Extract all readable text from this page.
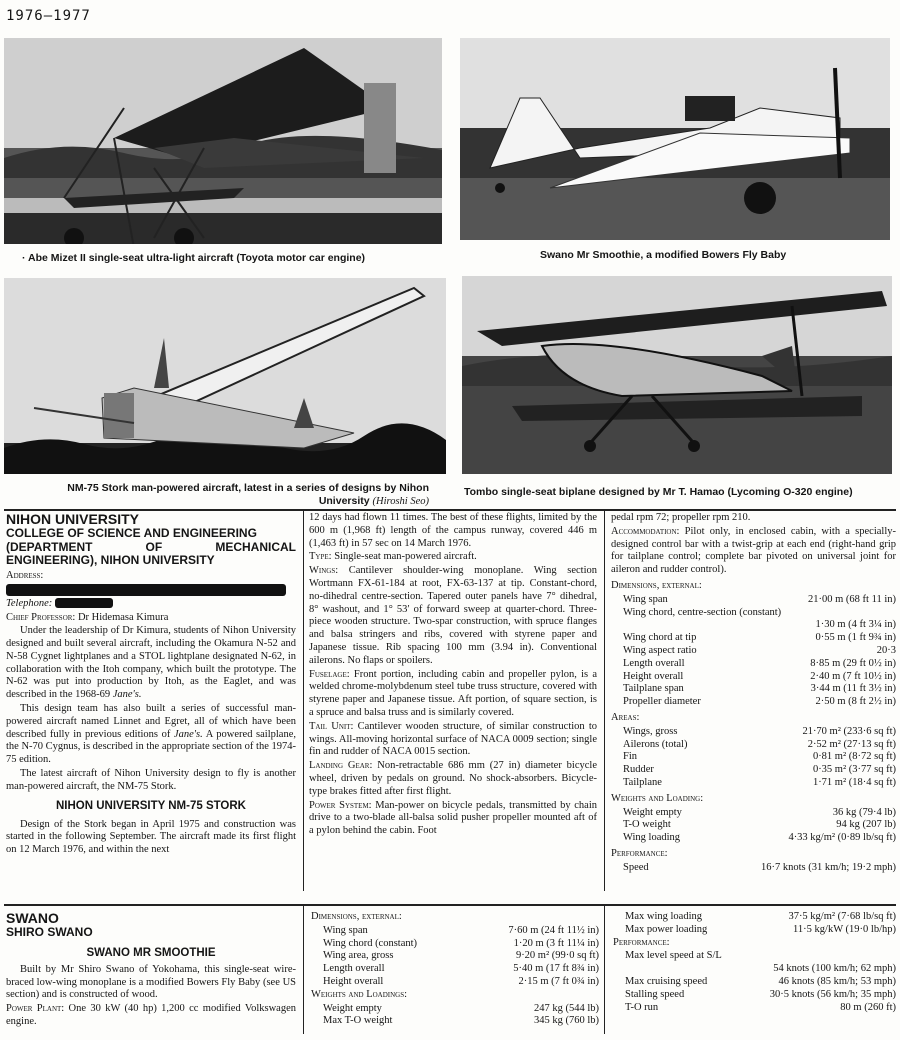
1976—1977
· Abe Mizet II single-seat ultra-light aircraft (Toyota motor car engine)	Swano Mr Smoothie, a modified Bowers Fly Baby
NM-75 Stork man-powered aircraft, latest in a series of designs by Nihon
University (Hiroshi Seo)
Tombo single-seat biplane designed by Mr T. Hamao (Lycoming O-320 engine)
NIHON UNIVERSITY
COLLEGE OF SCIENCE AND ENGINEERING
(DEPARTMENT	OF	MECHANICAL
ENGINEERING), NIHON UNIVERSITY

Address:

Telephone:

Chief Professor: Dr Hidemasa Kimura

Under the leadership of Dr Kimura, students of Nihon University designed and built several aircraft, including the Okamura N-52 and N-58 Cygnet lightplanes and a STOL lightplane designated N-62, in collaboration with the Itoh company, which built the prototype. The N-62 was put into production by Itoh, as the Eaglet, and was described in the 1968-69 Jane's.

This design team has also built a series of successful man-powered aircraft named Linnet and Egret, all of which have been described fully in previous editions of Jane's. A powered sailplane, the N-70 Cygnus, is described in the appropriate section of the 1974-75 edition.

The latest aircraft of Nihon University design to fly is another man-powered aircraft, the NM-75 Stork.

NIHON UNIVERSITY NM-75 STORK

Design of the Stork began in April 1975 and construction was started in the following September. The aircraft made its first flight on 12 March 1976, and within the next

12 days had flown 11 times. The best of these flights, limited by the 600 m (1,968 ft) length of the campus runway, covered 446 m (1,463 ft) in 57 sec on 14 March 1976.

Type: Single-seat man-powered aircraft.

Wings: Cantilever shoulder-wing monoplane. Wing section Wortmann FX-61-184 at root, FX-63-137 at tip. Constant-chord, no-dihedral centre-section. Tapered outer panels have 7° dihedral, 8° washout, and 1° 53′ of forward sweep at quarter-chord. Three-piece wooden structure. Two-spar construction, with spruce flanges and balsa stringers and ribs, covered with styrene paper and Japanese tissue. Rib spacing 100 mm (3.94 in). Conventional ailerons. No flaps or spoilers.

Fuselage: Front portion, including cabin and propeller pylon, is a welded chrome-molybdenum steel tube truss structure, covered with styrene paper and Japanese tissue. Aft portion, of square section, is a spruce and balsa truss and is similarly covered.

Tail Unit: Cantilever wooden structure, of similar construction to wings. All-moving horizontal surface of NACA 0009 section; single fin and rudder of NACA 0015 section.

Landing Gear: Non-retractable 686 mm (27 in) diameter bicycle wheel, driven by pedals on ground. No shock-absorbers. Bicycle-type brakes fitted after first flight.

Power System: Man-power on bicycle pedals, transmitted by chain drive to a two-blade all-balsa solid pusher propeller mounted aft of a pylon behind the cabin. Foot

pedal rpm 72; propeller rpm 210.

Accommodation: Pilot only, in enclosed cabin, with a specially-designed control bar with a twist-grip at each end (right-hand grip for tailplane control; complete bar pivoted on universal joint for aileron and rudder control).

Dimensions, external:

Wing span	21·00 m (68 ft 11 in)
Wing chord, centre-section (constant)
1·30 m (4 ft 3¼ in)
Wing chord at tip	0·55 m (1 ft 9¾ in)
Wing aspect ratio	20·3
Length overall	8·85 m (29 ft 0½ in)
Height overall	2·40 m (7 ft 10½ in)
Tailplane span	3·44 m (11 ft 3½ in)
Propeller diameter	2·50 m (8 ft 2½ in)

Areas:

Wings, gross	21·70 m² (233·6 sq ft)
Ailerons (total)	2·52 m² (27·13 sq ft)
Fin	0·81 m² (8·72 sq ft)
Rudder	0·35 m² (3·77 sq ft)
Tailplane	1·71 m² (18·4 sq ft)

Weights and Loading:

Weight empty	36 kg (79·4 lb)
T-O weight	94 kg (207 lb)
Wing loading	4·33 kg/m² (0·89 lb/sq ft)

Performance:

Speed	16·7 knots (31 km/h; 19·2 mph)
SWANO
SHIRO SWANO
SWANO MR SMOOTHIE

Built by Mr Shiro Swano of Yokohama, this single-seat wire-braced low-wing monoplane is a modified Bowers Fly Baby (see US section) and is constructed of wood.

Power Plant: One 30 kW (40 hp) 1,200 cc modified Volkswagen engine.

Dimensions, external:

Wing span	7·60 m (24 ft 11½ in)
Wing chord (constant)	1·20 m (3 ft 11¼ in)
Wing area, gross	9·20 m² (99·0 sq ft)
Length overall	5·40 m (17 ft 8¾ in)
Height overall	2·15 m (7 ft 0¾ in)

Weights and Loadings:

Weight empty	247 kg (544 lb)
Max T-O weight	345 kg (760 lb)
Max wing loading	37·5 kg/m² (7·68 lb/sq ft)
Max power loading	11·5 kg/kW (19·0 lb/hp)

Performance:

Max level speed at S/L
54 knots (100 km/h; 62 mph)
Max cruising speed	46 knots (85 km/h; 53 mph)
Stalling speed	30·5 knots (56 km/h; 35 mph)
T-O run	80 m (260 ft)
